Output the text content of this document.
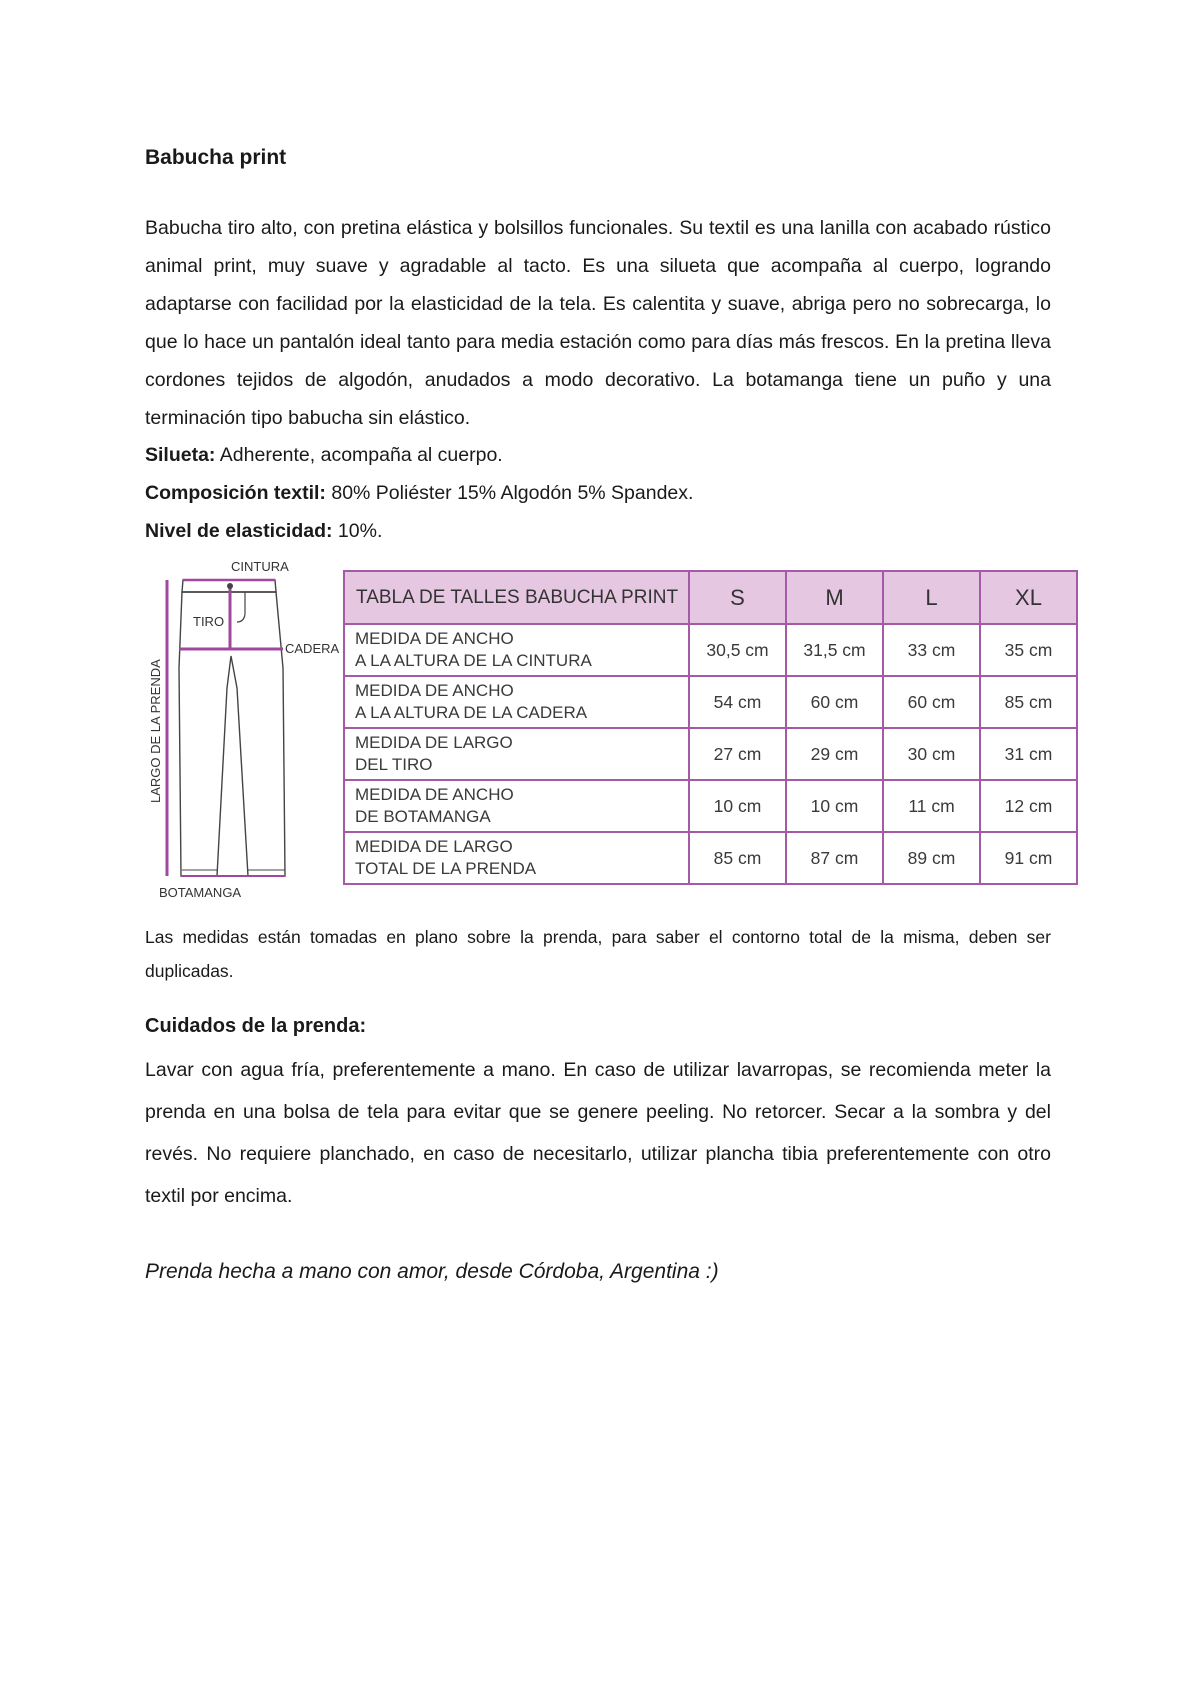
Babucha print

Babucha tiro alto, con pretina elástica y bolsillos funcionales. Su textil es una lanilla con acabado rústico animal print, muy suave y agradable al tacto. Es una silueta que acompaña al cuerpo, logrando adaptarse con facilidad por la elasticidad de la tela. Es calentita y suave, abriga pero no sobrecarga, lo que lo hace un pantalón ideal tanto para media estación como para días más frescos. En la pretina lleva cordones tejidos de algodón, anudados a modo decorativo. La botamanga tiene un puño y una terminación tipo babucha sin elástico.

Silueta: Adherente, acompaña al cuerpo.

Composición textil: 80% Poliéster 15% Algodón 5% Spandex.

Nivel de elasticidad: 10%.

CINTURA
TIRO
CADERA
BOTAMANGA
LARGO DE LA PRENDA
TABLA DE TALLES BABUCHA PRINT	S	M	L	XL

MEDIDA DE ANCHO
A LA ALTURA DE LA CINTURA	30,5 cm	31,5 cm	33 cm	35 cm

MEDIDA DE ANCHO
A LA ALTURA DE LA CADERA	54 cm	60 cm	60 cm	85 cm

MEDIDA DE LARGO
DEL TIRO	27 cm	29 cm	30 cm	31 cm

MEDIDA DE ANCHO
DE BOTAMANGA	10 cm	10 cm	11 cm	12 cm

MEDIDA DE LARGO
TOTAL DE LA PRENDA	85 cm	87 cm	89 cm	91 cm

Las medidas están tomadas en plano sobre la prenda, para saber el contorno total de la misma, deben ser duplicadas.

Cuidados de la prenda:

Lavar con agua fría, preferentemente a mano. En caso de utilizar lavarropas, se recomienda meter la prenda en una bolsa de tela para evitar que se genere peeling. No retorcer. Secar a la sombra y del revés. No requiere planchado, en caso de necesitarlo, utilizar plancha tibia preferentemente con otro textil por encima.

Prenda hecha a mano con amor, desde Córdoba, Argentina :)
